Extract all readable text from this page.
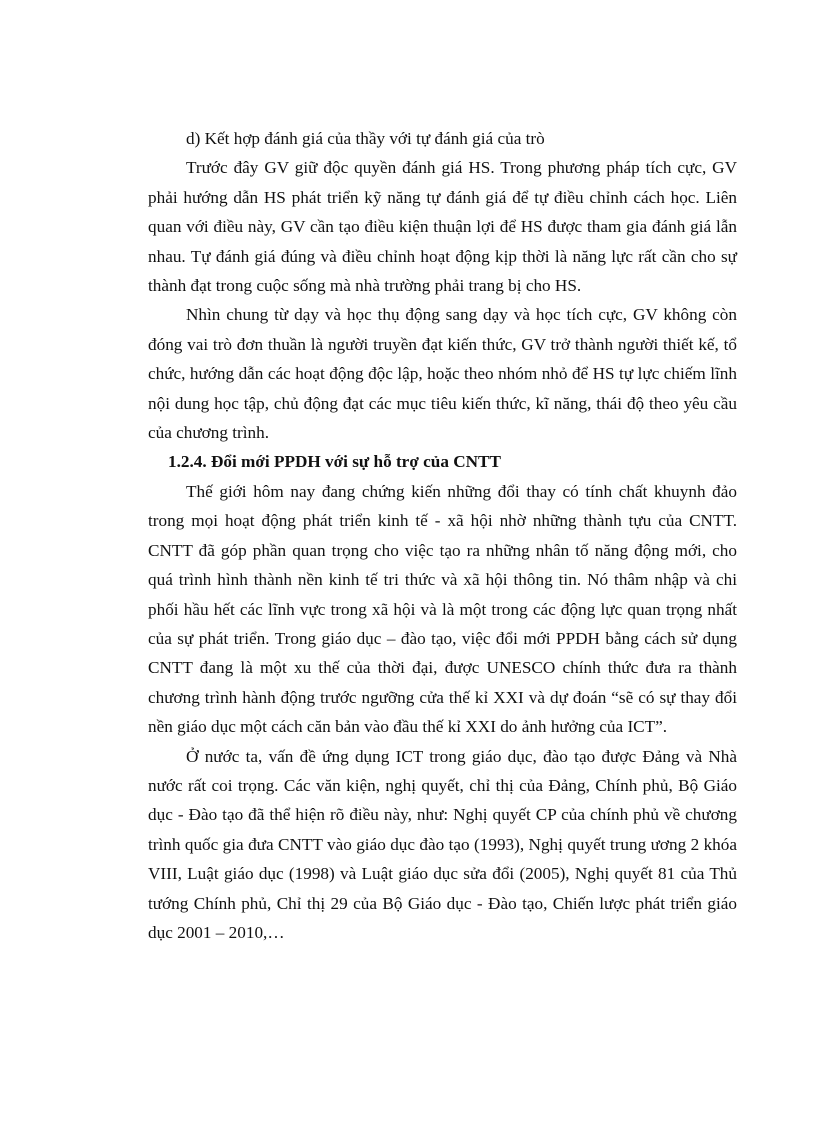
d) Kết hợp đánh giá của thầy với tự đánh giá của trò

Trước đây GV giữ độc quyền đánh giá HS. Trong phương pháp tích cực, GV phải hướng dẫn HS phát triển kỹ năng tự đánh giá để tự điều chỉnh cách học. Liên quan với điều này, GV cần tạo điều kiện thuận lợi để HS được tham gia đánh giá lẫn nhau. Tự đánh giá đúng và điều chỉnh hoạt động kịp thời là năng lực rất cần cho sự thành đạt trong cuộc sống mà nhà trường phải trang bị cho HS.

Nhìn chung từ dạy và học thụ động sang dạy và học tích cực, GV không còn đóng vai trò đơn thuần là người truyền đạt kiến thức, GV trở thành người thiết kế, tổ chức, hướng dẫn các hoạt động độc lập, hoặc theo nhóm nhỏ để HS tự lực chiếm lĩnh nội dung học tập, chủ động đạt các mục tiêu kiến thức, kĩ năng, thái độ theo yêu cầu của chương trình.

1.2.4. Đổi mới PPDH với sự hỗ trợ của CNTT

Thế giới hôm nay đang chứng kiến những đổi thay có tính chất khuynh đảo trong mọi hoạt động phát triển kinh tế - xã hội nhờ những thành tựu của CNTT. CNTT đã góp phần quan trọng cho việc tạo ra những nhân tố năng động mới, cho quá trình hình thành nền kinh tế tri thức và xã hội thông tin. Nó thâm nhập và chi phối hầu hết các lĩnh vực trong xã hội và là một trong các động lực quan trọng nhất của sự phát triển. Trong giáo dục – đào tạo, việc đổi mới PPDH bằng cách sử dụng CNTT đang là một xu thế của thời đại, được UNESCO chính thức đưa ra thành chương trình hành động trước ngưỡng cửa thế kỉ XXI và dự đoán “sẽ có sự thay đổi nền giáo dục một cách căn bản vào đầu thế kỉ XXI do ảnh hưởng của ICT”.

Ở nước ta, vấn đề ứng dụng ICT trong giáo dục, đào tạo được Đảng và Nhà nước rất coi trọng. Các văn kiện, nghị quyết, chỉ thị của Đảng, Chính phủ, Bộ Giáo dục - Đào tạo đã thể hiện rõ điều này, như: Nghị quyết CP của chính phủ về chương trình quốc gia đưa CNTT vào giáo dục đào tạo (1993), Nghị quyết trung ương 2 khóa VIII, Luật giáo dục (1998) và Luật giáo dục sửa đổi (2005), Nghị quyết 81 của Thủ tướng Chính phủ, Chỉ thị 29 của Bộ Giáo dục - Đào tạo, Chiến lược phát triển giáo dục 2001 – 2010,…
